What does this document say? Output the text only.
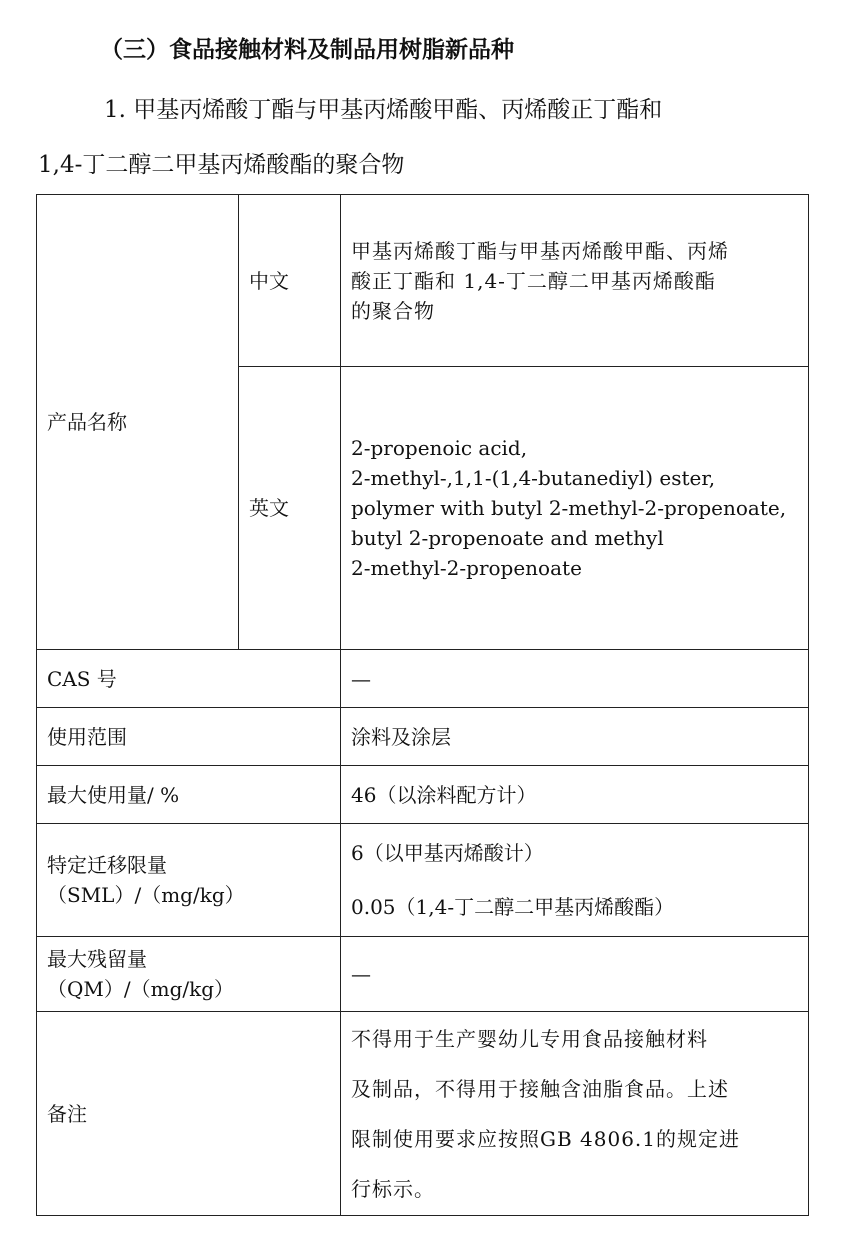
（三）食品接触材料及制品用树脂新品种
1. 甲基丙烯酸丁酯与甲基丙烯酸甲酯、丙烯酸正丁酯和
1,4-丁二醇二甲基丙烯酸酯的聚合物
产品名称	中文	甲基丙烯酸丁酯与甲基丙烯酸甲酯、丙烯
酸正丁酯和 1,4-丁二醇二甲基丙烯酸酯
的聚合物

	英文	2-propenoic acid,
2-methyl-,1,1-(1,4-butanediyl) ester,
polymer with butyl 2-methyl-2-propenoate,
butyl 2-propenoate and methyl
2-methyl-2-propenoate

CAS 号		—
使用范围		涂料及涂层
最大使用量/ %		46（以涂料配方计）

特定迁移限量
（SML）/（mg/kg）		6（以甲基丙烯酸计）
0.05（1,4-丁二醇二甲基丙烯酸酯）

最大残留量
（QM）/（mg/kg）		—
备注		不得用于生产婴幼儿专用食品接触材料
及制品，不得用于接触含油脂食品。上述
限制使用要求应按照GB 4806.1的规定进
行标示。
